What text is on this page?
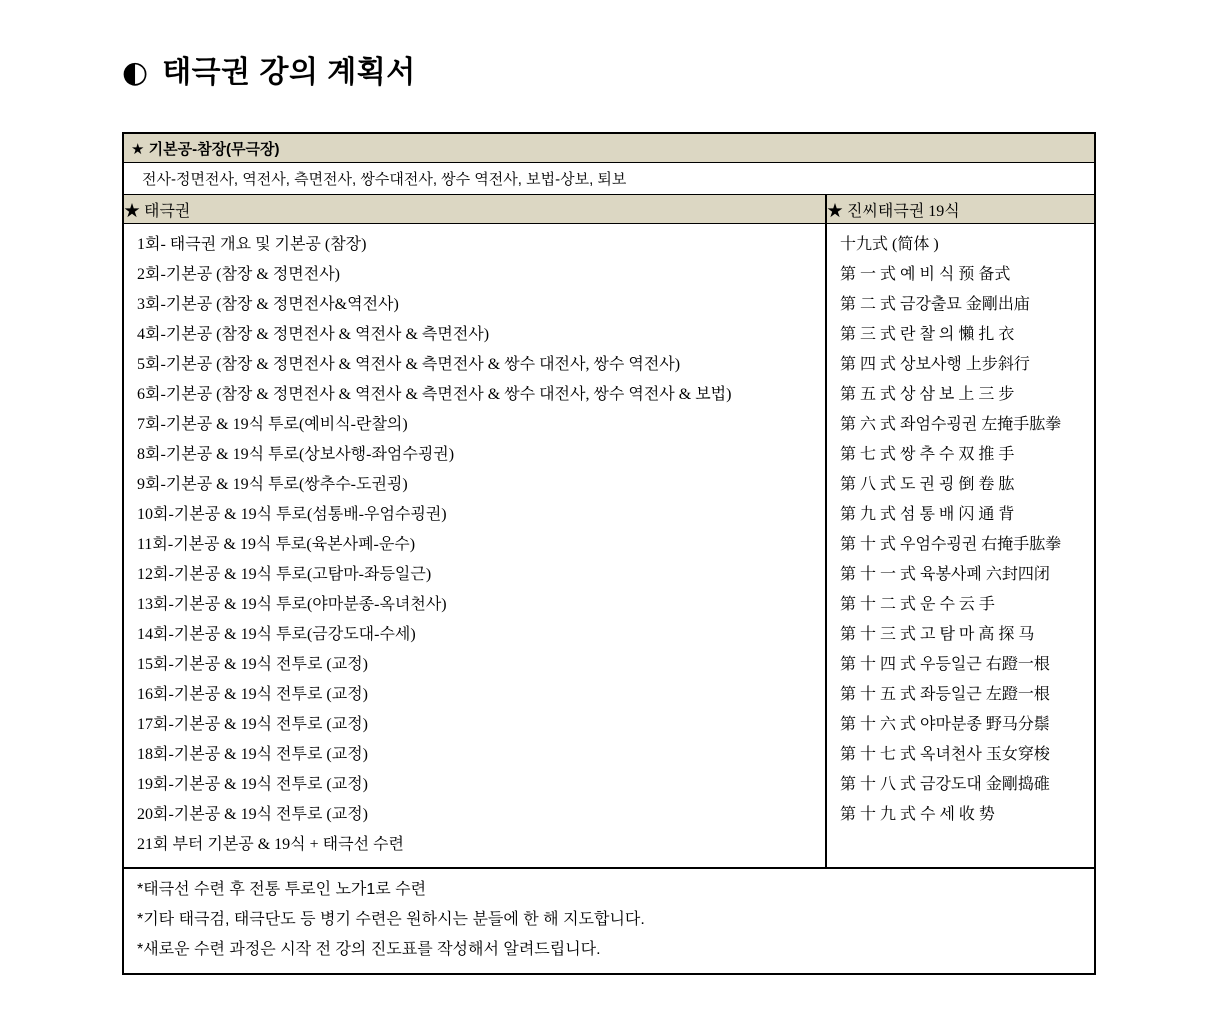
◐ 태극권 강의 계획서
★ 기본공-참장(무극장)
전사-정면전사, 역전사, 측면전사, 쌍수대전사, 쌍수 역전사, 보법-상보, 퇴보
★ 태극권	★ 진씨태극권 19식
1회- 태극권 개요 및 기본공 (참장)
2회-기본공 (참장 & 정면전사)
3회-기본공 (참장 & 정면전사&역전사)
4회-기본공 (참장 & 정면전사 & 역전사 & 측면전사)
5회-기본공 (참장 & 정면전사 & 역전사 & 측면전사 & 쌍수 대전사, 쌍수 역전사)
6회-기본공 (참장 & 정면전사 & 역전사 & 측면전사 & 쌍수 대전사, 쌍수 역전사 & 보법)
7회-기본공 & 19식 투로(예비식-란찰의)
8회-기본공 & 19식 투로(상보사행-좌엄수굉권)
9회-기본공 & 19식 투로(쌍추수-도권굉)
10회-기본공 & 19식 투로(섬통배-우엄수굉권)
11회-기본공 & 19식 투로(육본사폐-운수)
12회-기본공 & 19식 투로(고탐마-좌등일근)
13회-기본공 & 19식 투로(야마분종-옥녀천사)
14회-기본공 & 19식 투로(금강도대-수세)
15회-기본공 & 19식 전투로 (교정)
16회-기본공 & 19식 전투로 (교정)
17회-기본공 & 19식 전투로 (교정)
18회-기본공 & 19식 전투로 (교정)
19회-기본공 & 19식 전투로 (교정)
20회-기본공 & 19식 전투로 (교정)
21회 부터 기본공 & 19식 + 태극선 수련
十九式 (简体 )
第 一 式 예 비 식 预 备式
第 二 式 금강출묘 金剛出庙
第 三 式 란 찰 의 懶 扎 衣
第 四 式 상보사행 上步斜行
第 五 式 상 삼 보 上 三 步
第 六 式 좌엄수굉권 左掩手肱拳
第 七 式 쌍 추 수 双 推 手
第 八 式 도 권 굉 倒 卷 肱
第 九 式 섬 통 배 闪 通 背
第 十 式 우엄수굉권 右掩手肱拳
第 十 一 式 육봉사폐 六封四闭
第 十 二 式 운 수 云 手
第 十 三 式 고 탐 마 高 探 马
第 十 四 式 우등일근 右蹬一根
第 十 五 式 좌등일근 左蹬一根
第 十 六 式 야마분종 野马分鬃
第 十 七 式 옥녀천사 玉女穿梭
第 十 八 式 금강도대 金剛捣碓
第 十 九 式 수 세 收 势
*태극선 수련 후 전통 투로인 노가1로 수련
*기타 태극검, 태극단도 등 병기 수련은 원하시는 분들에 한 해 지도합니다.
*새로운 수련 과정은 시작 전 강의 진도표를 작성해서 알려드립니다.
